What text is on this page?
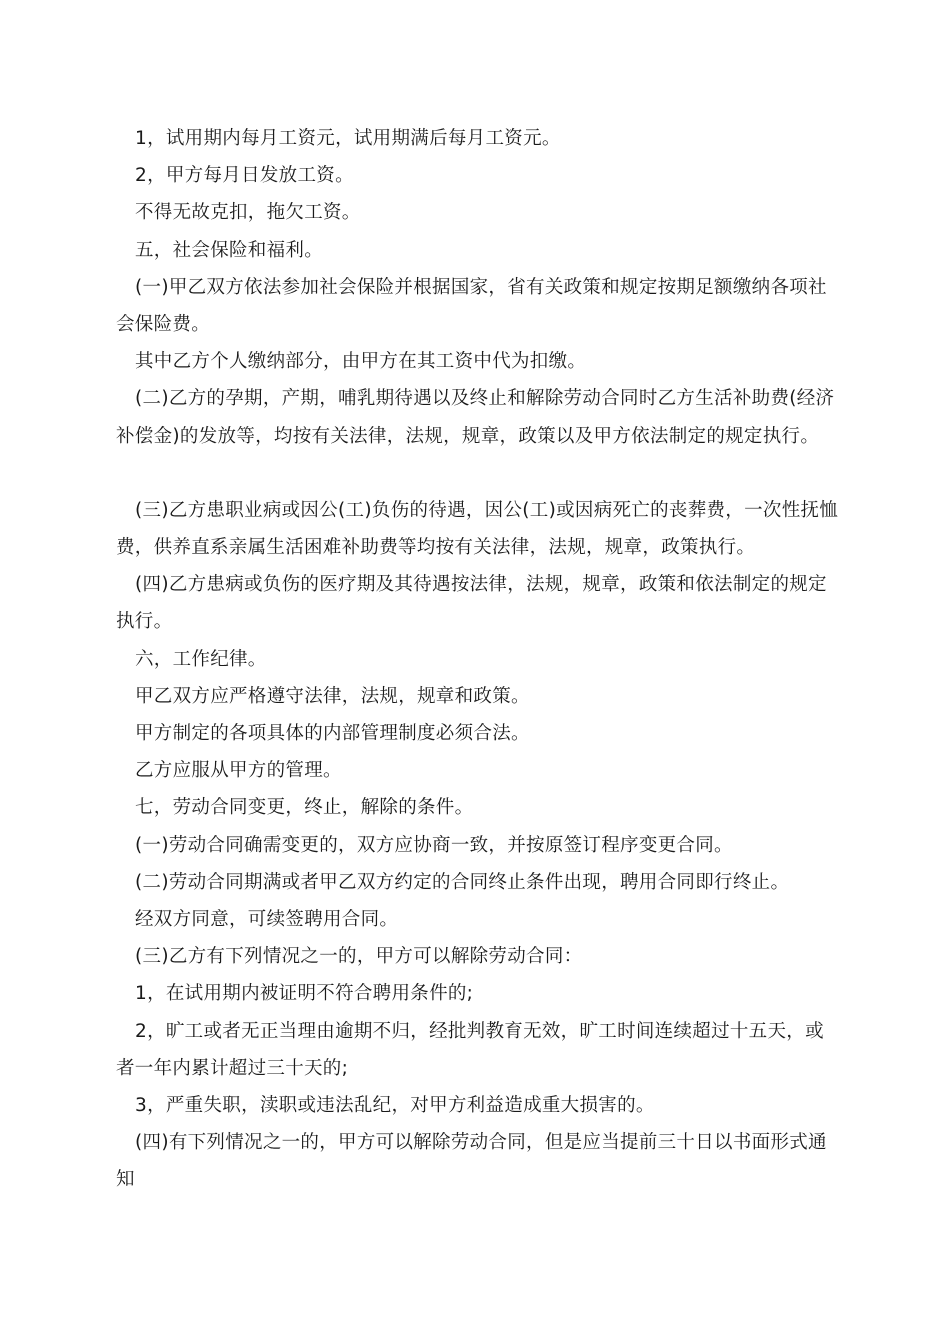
1，试用期内每月工资元，试用期满后每月工资元。

2，甲方每月日发放工资。

不得无故克扣，拖欠工资。

五，社会保险和福利。

(一)甲乙双方依法参加社会保险并根据国家，省有关政策和规定按期足额缴纳各项社会保险费。

其中乙方个人缴纳部分，由甲方在其工资中代为扣缴。

(二)乙方的孕期，产期，哺乳期待遇以及终止和解除劳动合同时乙方生活补助费(经济补偿金)的发放等，均按有关法律，法规，规章，政策以及甲方依法制定的规定执行。

(三)乙方患职业病或因公(工)负伤的待遇，因公(工)或因病死亡的丧葬费，一次性抚恤费，供养直系亲属生活困难补助费等均按有关法律，法规，规章，政策执行。

(四)乙方患病或负伤的医疗期及其待遇按法律，法规，规章，政策和依法制定的规定执行。

六，工作纪律。

甲乙双方应严格遵守法律，法规，规章和政策。

甲方制定的各项具体的内部管理制度必须合法。

乙方应服从甲方的管理。

七，劳动合同变更，终止，解除的条件。

(一)劳动合同确需变更的，双方应协商一致，并按原签订程序变更合同。

(二)劳动合同期满或者甲乙双方约定的合同终止条件出现，聘用合同即行终止。

经双方同意，可续签聘用合同。

(三)乙方有下列情况之一的，甲方可以解除劳动合同：

1，在试用期内被证明不符合聘用条件的;

2，旷工或者无正当理由逾期不归，经批判教育无效，旷工时间连续超过十五天，或者一年内累计超过三十天的;

3，严重失职，渎职或违法乱纪，对甲方利益造成重大损害的。

(四)有下列情况之一的，甲方可以解除劳动合同，但是应当提前三十日以书面形式通知
